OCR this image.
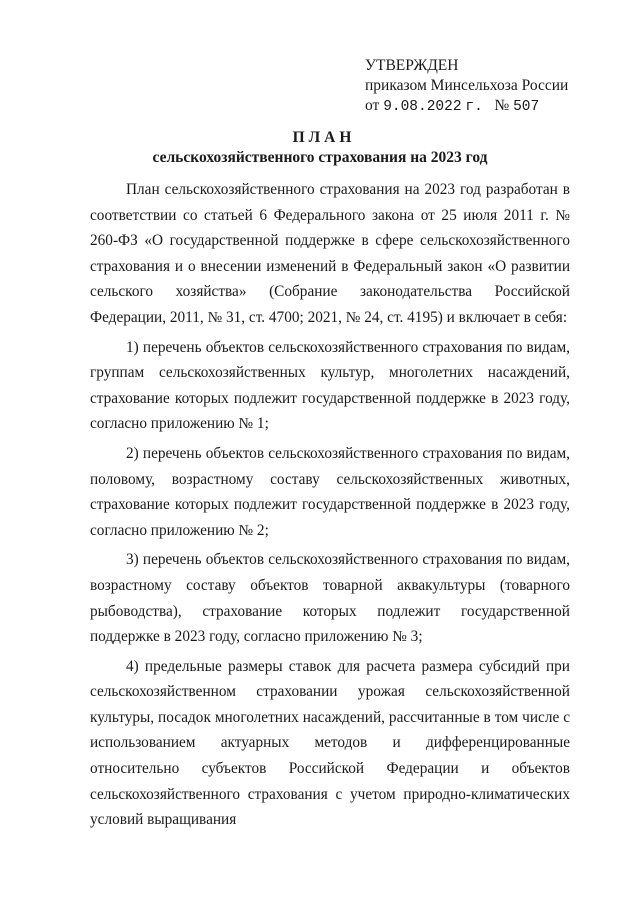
УТВЕРЖДЕН
приказом Минсельхоза России
от 9.08.2022 г. № 507
ПЛАН
сельскохозяйственного страхования на 2023 год

План сельскохозяйственного страхования на 2023 год разработан в соответствии со статьей 6 Федерального закона от 25 июля 2011 г. № 260-ФЗ «О государственной поддержке в сфере сельскохозяйственного страхования и о внесении изменений в Федеральный закон «О развитии сельского хозяйства» (Собрание законодательства Российской Федерации, 2011, № 31, ст. 4700; 2021, № 24, ст. 4195) и включает в себя:

1) перечень объектов сельскохозяйственного страхования по видам, группам сельскохозяйственных культур, многолетних насаждений, страхование которых подлежит государственной поддержке в 2023 году, согласно приложению № 1;

2) перечень объектов сельскохозяйственного страхования по видам, половому, возрастному составу сельскохозяйственных животных, страхование которых подлежит государственной поддержке в 2023 году, согласно приложению № 2;

3) перечень объектов сельскохозяйственного страхования по видам, возрастному составу объектов товарной аквакультуры (товарного рыбоводства), страхование которых подлежит государственной поддержке в 2023 году, согласно приложению № 3;

4) предельные размеры ставок для расчета размера субсидий при сельскохозяйственном страховании урожая сельскохозяйственной культуры, посадок многолетних насаждений, рассчитанные в том числе с использованием актуарных методов и дифференцированные относительно субъектов Российской Федерации и объектов сельскохозяйственного страхования с учетом природно-климатических условий выращивания
